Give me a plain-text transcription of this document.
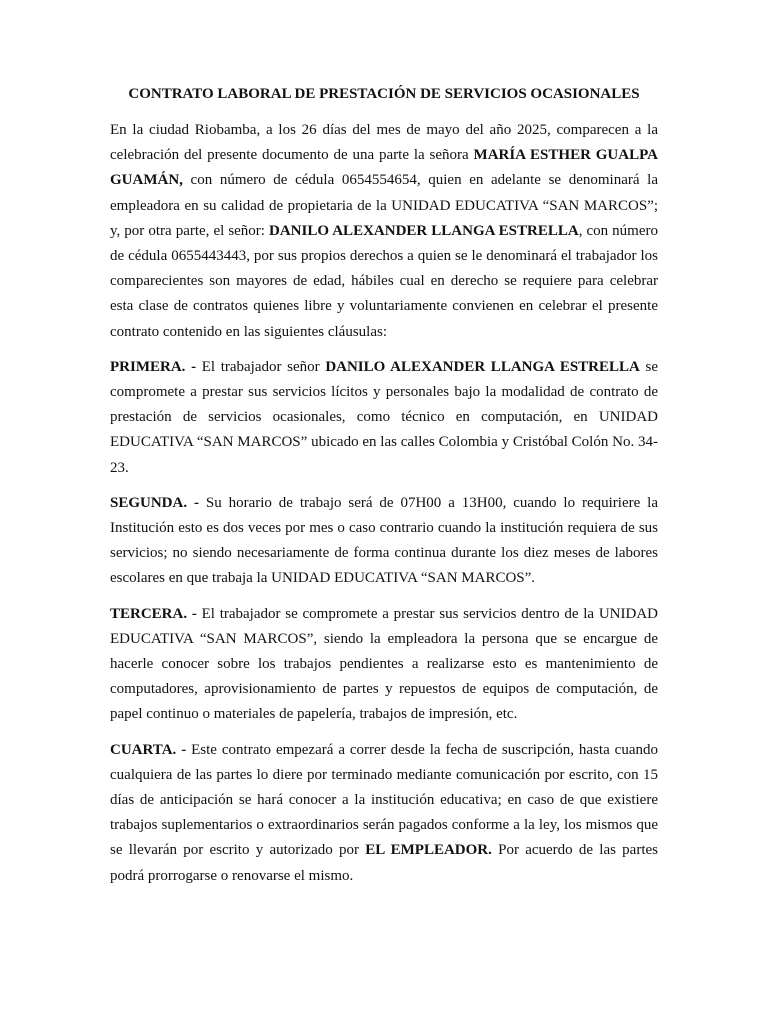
CONTRATO LABORAL DE PRESTACIÓN DE SERVICIOS OCASIONALES

En la ciudad Riobamba, a los 26 días del mes de mayo del año 2025, comparecen a la celebración del presente documento de una parte la señora MARÍA ESTHER GUALPA GUAMÁN, con número de cédula 0654554654, quien en adelante se denominará la empleadora en su calidad de propietaria de la UNIDAD EDUCATIVA “SAN MARCOS”; y, por otra parte, el señor: DANILO ALEXANDER LLANGA ESTRELLA, con número de cédula 0655443443, por sus propios derechos a quien se le denominará el trabajador los comparecientes son mayores de edad, hábiles cual en derecho se requiere para celebrar esta clase de contratos quienes libre y voluntariamente convienen en celebrar el presente contrato contenido en las siguientes cláusulas:

PRIMERA. - El trabajador señor DANILO ALEXANDER LLANGA ESTRELLA se compromete a prestar sus servicios lícitos y personales bajo la modalidad de contrato de prestación de servicios ocasionales, como técnico en computación, en UNIDAD EDUCATIVA “SAN MARCOS” ubicado en las calles Colombia y Cristóbal Colón No. 34-23.

SEGUNDA. - Su horario de trabajo será de 07H00 a 13H00, cuando lo requiriere la Institución esto es dos veces por mes o caso contrario cuando la institución requiera de sus servicios; no siendo necesariamente de forma continua durante los diez meses de labores escolares en que trabaja la UNIDAD EDUCATIVA “SAN MARCOS”.

TERCERA. - El trabajador se compromete a prestar sus servicios dentro de la UNIDAD EDUCATIVA “SAN MARCOS”, siendo la empleadora la persona que se encargue de hacerle conocer sobre los trabajos pendientes a realizarse esto es mantenimiento de computadores, aprovisionamiento de partes y repuestos de equipos de computación, de papel continuo o materiales de papelería, trabajos de impresión, etc.

CUARTA. - Este contrato empezará a correr desde la fecha de suscripción, hasta cuando cualquiera de las partes lo diere por terminado mediante comunicación por escrito, con 15 días de anticipación se hará conocer a la institución educativa; en caso de que existiere trabajos suplementarios o extraordinarios serán pagados conforme a la ley, los mismos que se llevarán por escrito y autorizado por EL EMPLEADOR. Por acuerdo de las partes podrá prorrogarse o renovarse el mismo.
